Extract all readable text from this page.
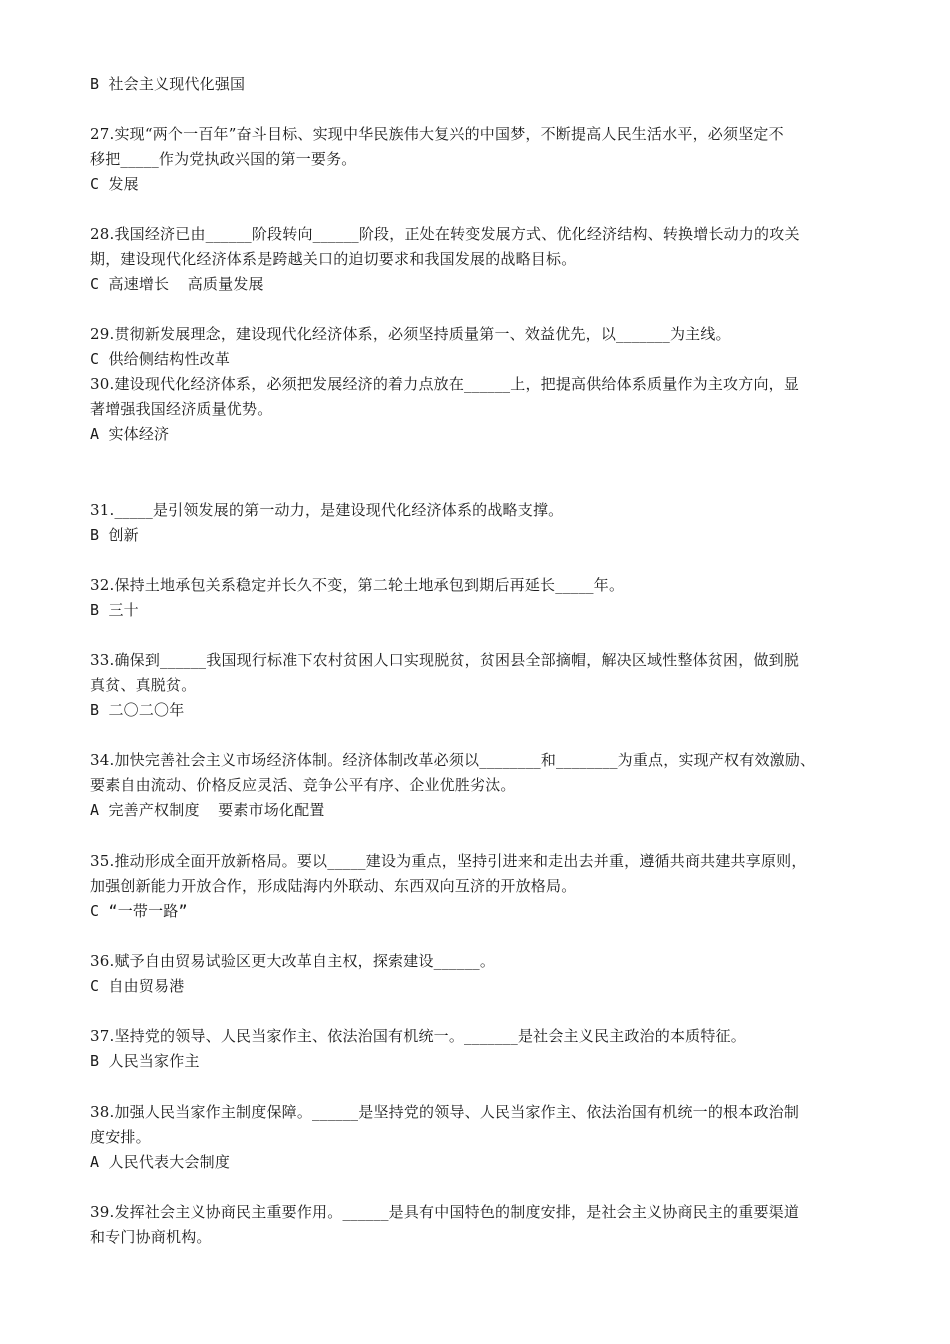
B 社会主义现代化强国
27.实现“两个一百年”奋斗目标、实现中华民族伟大复兴的中国梦，不断提高人民生活水平，必须坚定不
移把_____作为党执政兴国的第一要务。
C 发展
28.我国经济已由______阶段转向______阶段，正处在转变发展方式、优化经济结构、转换增长动力的攻关
期，建设现代化经济体系是跨越关口的迫切要求和我国发展的战略目标。
C 高速增长  高质量发展
29.贯彻新发展理念，建设现代化经济体系，必须坚持质量第一、效益优先，以_______为主线。
C 供给侧结构性改革
30.建设现代化经济体系，必须把发展经济的着力点放在______上，把提高供给体系质量作为主攻方向，显
著增强我国经济质量优势。
A 实体经济
31._____是引领发展的第一动力，是建设现代化经济体系的战略支撑。
B 创新
32.保持土地承包关系稳定并长久不变，第二轮土地承包到期后再延长_____年。
B 三十
33.确保到______我国现行标准下农村贫困人口实现脱贫，贫困县全部摘帽，解决区域性整体贫困，做到脱
真贫、真脱贫。
B 二〇二〇年
34.加快完善社会主义市场经济体制。经济体制改革必须以________和________为重点，实现产权有效激励、
要素自由流动、价格反应灵活、竞争公平有序、企业优胜劣汰。
A 完善产权制度  要素市场化配置
35.推动形成全面开放新格局。要以_____建设为重点，坚持引进来和走出去并重，遵循共商共建共享原则，
加强创新能力开放合作，形成陆海内外联动、东西双向互济的开放格局。
C “一带一路”
36.赋予自由贸易试验区更大改革自主权，探索建设______。
C 自由贸易港
37.坚持党的领导、人民当家作主、依法治国有机统一。_______是社会主义民主政治的本质特征。
B 人民当家作主
38.加强人民当家作主制度保障。______是坚持党的领导、人民当家作主、依法治国有机统一的根本政治制
度安排。
A 人民代表大会制度
39.发挥社会主义协商民主重要作用。______是具有中国特色的制度安排，是社会主义协商民主的重要渠道
和专门协商机构。
